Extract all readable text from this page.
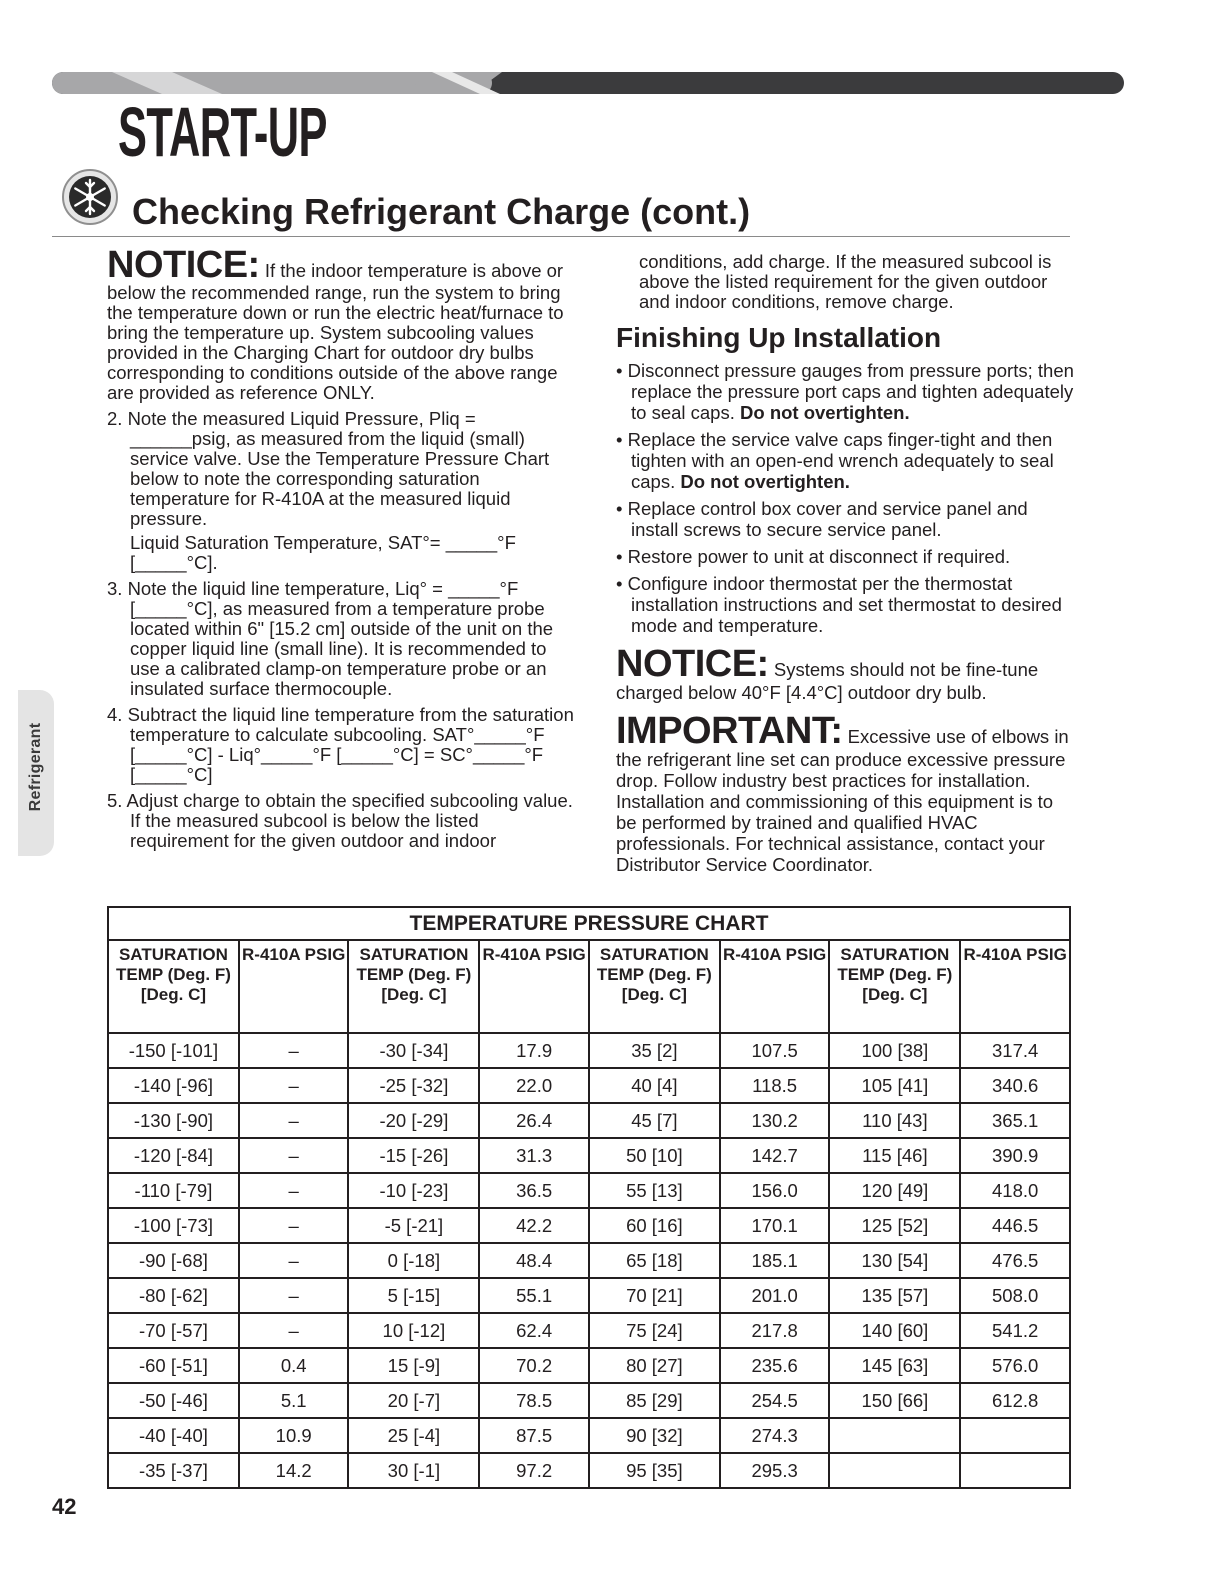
START-UP
Checking Refrigerant Charge (cont.)

NOTICE: If the indoor temperature is above or below the recommended range, run the system to bring the temperature down or run the electric heat/furnace to bring the temperature up. System subcooling values provided in the Charging Chart for outdoor dry bulbs corresponding to conditions outside of the above range are provided as reference ONLY.

2. Note the measured Liquid Pressure, Pliq = ______psig, as measured from the liquid (small) service valve. Use the Temperature Pressure Chart below to note the corresponding saturation temperature for R-410A at the measured liquid pressure.

Liquid Saturation Temperature, SAT°= _____°F [_____°C].

3. Note the liquid line temperature, Liq° = _____°F [_____°C], as measured from a temperature probe located within 6" [15.2 cm] outside of the unit on the copper liquid line (small line). It is recommended to use a calibrated clamp-on temperature probe or an insulated surface thermocouple.

4. Subtract the liquid line temperature from the saturation temperature to calculate subcooling. SAT°_____°F [_____°C] - Liq°_____°F [_____°C] = SC°_____°F [_____°C]

5. Adjust charge to obtain the specified subcooling value. If the measured subcool is below the listed requirement for the given outdoor and indoor

conditions, add charge. If the measured subcool is above the listed requirement for the given outdoor and indoor conditions, remove charge.

Finishing Up Installation

• Disconnect pressure gauges from pressure ports; then replace the pressure port caps and tighten adequately to seal caps. Do not overtighten.

• Replace the service valve caps finger-tight and then tighten with an open-end wrench adequately to seal caps. Do not overtighten.

• Replace control box cover and service panel and install screws to secure service panel.

• Restore power to unit at disconnect if required.

• Configure indoor thermostat per the thermostat installation instructions and set thermostat to desired mode and temperature.

NOTICE: Systems should not be fine-tune charged below 40°F [4.4°C] outdoor dry bulb.

IMPORTANT: Excessive use of elbows in the refrigerant line set can produce excessive pressure drop. Follow industry best practices for installation. Installation and commissioning of this equipment is to be performed by trained and qualified HVAC professionals. For technical assistance, contact your Distributor Service Coordinator.

TEMPERATURE PRESSURE CHART							
SATURATION TEMP (Deg. F) [Deg. C]	R-410A PSIG	SATURATION TEMP (Deg. F) [Deg. C]	R-410A PSIG	SATURATION TEMP (Deg. F) [Deg. C]	R-410A PSIG	SATURATION TEMP (Deg. F) [Deg. C]	R-410A PSIG
-150 [-101]	–	-30 [-34]	17.9	35 [2]	107.5	100 [38]	317.4
-140 [-96]	–	-25 [-32]	22.0	40 [4]	118.5	105 [41]	340.6
-130 [-90]	–	-20 [-29]	26.4	45 [7]	130.2	110 [43]	365.1
-120 [-84]	–	-15 [-26]	31.3	50 [10]	142.7	115 [46]	390.9
-110 [-79]	–	-10 [-23]	36.5	55 [13]	156.0	120 [49]	418.0
-100 [-73]	–	-5 [-21]	42.2	60 [16]	170.1	125 [52]	446.5
-90 [-68]	–	0 [-18]	48.4	65 [18]	185.1	130 [54]	476.5
-80 [-62]	–	5 [-15]	55.1	70 [21]	201.0	135 [57]	508.0
-70 [-57]	–	10 [-12]	62.4	75 [24]	217.8	140 [60]	541.2
-60 [-51]	0.4	15 [-9]	70.2	80 [27]	235.6	145 [63]	576.0
-50 [-46]	5.1	20 [-7]	78.5	85 [29]	254.5	150 [66]	612.8
-40 [-40]	10.9	25 [-4]	87.5	90 [32]	274.3		
-35 [-37]	14.2	30 [-1]	97.2	95 [35]	295.3		
Refrigerant
42
